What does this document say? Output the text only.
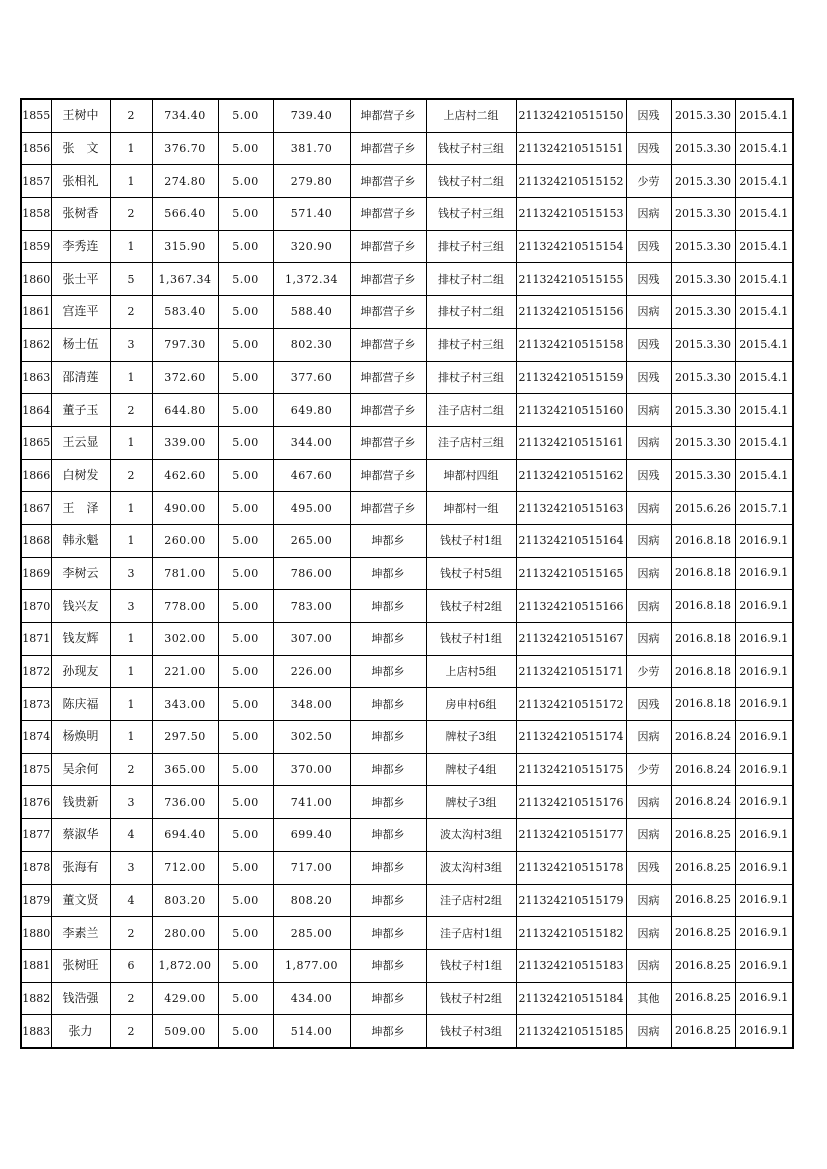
1855	王树中	2	734.40	5.00	739.40	坤都营子乡	上店村二组	211324210515150	因残	2015.3.30	2015.4.1
1856	张　文	1	376.70	5.00	381.70	坤都营子乡	钱杖子村三组	211324210515151	因残	2015.3.30	2015.4.1
1857	张相礼	1	274.80	5.00	279.80	坤都营子乡	钱杖子村二组	211324210515152	少劳	2015.3.30	2015.4.1
1858	张树香	2	566.40	5.00	571.40	坤都营子乡	钱杖子村三组	211324210515153	因病	2015.3.30	2015.4.1
1859	李秀连	1	315.90	5.00	320.90	坤都营子乡	排杖子村三组	211324210515154	因残	2015.3.30	2015.4.1
1860	张士平	5	1,367.34	5.00	1,372.34	坤都营子乡	排杖子村二组	211324210515155	因残	2015.3.30	2015.4.1
1861	宫连平	2	583.40	5.00	588.40	坤都营子乡	排杖子村二组	211324210515156	因病	2015.3.30	2015.4.1
1862	杨士伍	3	797.30	5.00	802.30	坤都营子乡	排杖子村三组	211324210515158	因残	2015.3.30	2015.4.1
1863	邵清莲	1	372.60	5.00	377.60	坤都营子乡	排杖子村三组	211324210515159	因残	2015.3.30	2015.4.1
1864	董子玉	2	644.80	5.00	649.80	坤都营子乡	洼子店村二组	211324210515160	因病	2015.3.30	2015.4.1
1865	王云显	1	339.00	5.00	344.00	坤都营子乡	洼子店村三组	211324210515161	因病	2015.3.30	2015.4.1
1866	白树发	2	462.60	5.00	467.60	坤都营子乡	坤都村四组	211324210515162	因残	2015.3.30	2015.4.1
1867	王　泽	1	490.00	5.00	495.00	坤都营子乡	坤都村一组	211324210515163	因病	2015.6.26	2015.7.1
1868	韩永魁	1	260.00	5.00	265.00	坤都乡	钱杖子村1组	211324210515164	因病	2016.8.18	2016.9.1
1869	李树云	3	781.00	5.00	786.00	坤都乡	钱杖子村5组	211324210515165	因病	2016.8.18	2016.9.1
1870	钱兴友	3	778.00	5.00	783.00	坤都乡	钱杖子村2组	211324210515166	因病	2016.8.18	2016.9.1
1871	钱友辉	1	302.00	5.00	307.00	坤都乡	钱杖子村1组	211324210515167	因病	2016.8.18	2016.9.1
1872	孙现友	1	221.00	5.00	226.00	坤都乡	上店村5组	211324210515171	少劳	2016.8.18	2016.9.1
1873	陈庆福	1	343.00	5.00	348.00	坤都乡	房申村6组	211324210515172	因残	2016.8.18	2016.9.1
1874	杨焕明	1	297.50	5.00	302.50	坤都乡	牌杖子3组	211324210515174	因病	2016.8.24	2016.9.1
1875	吴余何	2	365.00	5.00	370.00	坤都乡	牌杖子4组	211324210515175	少劳	2016.8.24	2016.9.1
1876	钱贵新	3	736.00	5.00	741.00	坤都乡	牌杖子3组	211324210515176	因病	2016.8.24	2016.9.1
1877	蔡淑华	4	694.40	5.00	699.40	坤都乡	波太沟村3组	211324210515177	因病	2016.8.25	2016.9.1
1878	张海有	3	712.00	5.00	717.00	坤都乡	波太沟村3组	211324210515178	因残	2016.8.25	2016.9.1
1879	董文贤	4	803.20	5.00	808.20	坤都乡	洼子店村2组	211324210515179	因病	2016.8.25	2016.9.1
1880	李素兰	2	280.00	5.00	285.00	坤都乡	洼子店村1组	211324210515182	因病	2016.8.25	2016.9.1
1881	张树旺	6	1,872.00	5.00	1,877.00	坤都乡	钱杖子村1组	211324210515183	因病	2016.8.25	2016.9.1
1882	钱浩强	2	429.00	5.00	434.00	坤都乡	钱杖子村2组	211324210515184	其他	2016.8.25	2016.9.1
1883	张力	2	509.00	5.00	514.00	坤都乡	钱杖子村3组	211324210515185	因病	2016.8.25	2016.9.1
